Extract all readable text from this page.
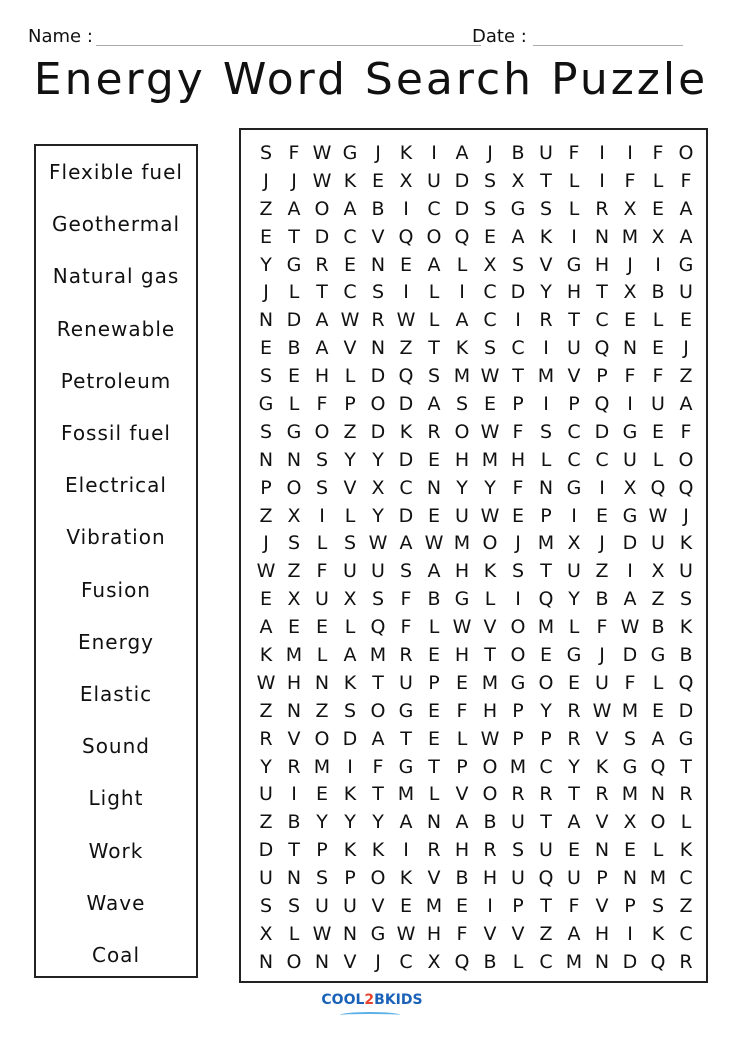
Name :	Date :
Energy Word Search Puzzle
Flexible fuel
Geothermal
Natural gas
Renewable
Petroleum
Fossil fuel
Electrical
Vibration
Fusion
Energy
Elastic
Sound
Light
Work
Wave
Coal
S F W G J K I A J B U F	I	I	F O
J	J W K E X U D S X T L	I	F L F
Z A O A B I C D S G S L R X E A
E T D C V Q O Q E A K I N M X A
Y G R E N E A L X S V G H J	I G
J	L T C S	I	L	I C D Y H T X B U
N D A W R W L A C I R T C E L E
E B A V N Z T K S C I U Q N E	J
S E H L D Q S M W T M V P F F Z
G L F P O D A S E P	I	P Q I U A
S G O Z D K R O W F S C D G E F
N N S Y Y D E H M H L C C U L O
P O S V X C N Y Y F N G I X Q Q
Z X I	L Y D E U W E P	I	E G W J
J	S L S W A W M O J M X J D U K
W Z F U U S A H K S T U Z I X U
E X U X S F B G L	I Q Y B A Z S
A E E L Q F L W V O M L F W B K
K M L A M R E H T O E G J D G B
W H N K T U P E M G O E U F L Q
Z N Z S O G E F H P Y R W M E D
R V O D A T E L W P P R V S A G
Y R M I	F G T P O M C Y K G Q T
U I	E K T M L V O R R T R M N R
Z B Y Y Y A N A B U T A V X O L
D T P K K I R H R S U E N E L K
U N S P O K V B H U Q U P N M C
S S U U V E M E	I	P T F V P S Z
X L W N G W H F V V Z A H I K C
N O N V J C X Q B L C M N D Q R
COOL2BKIDS
